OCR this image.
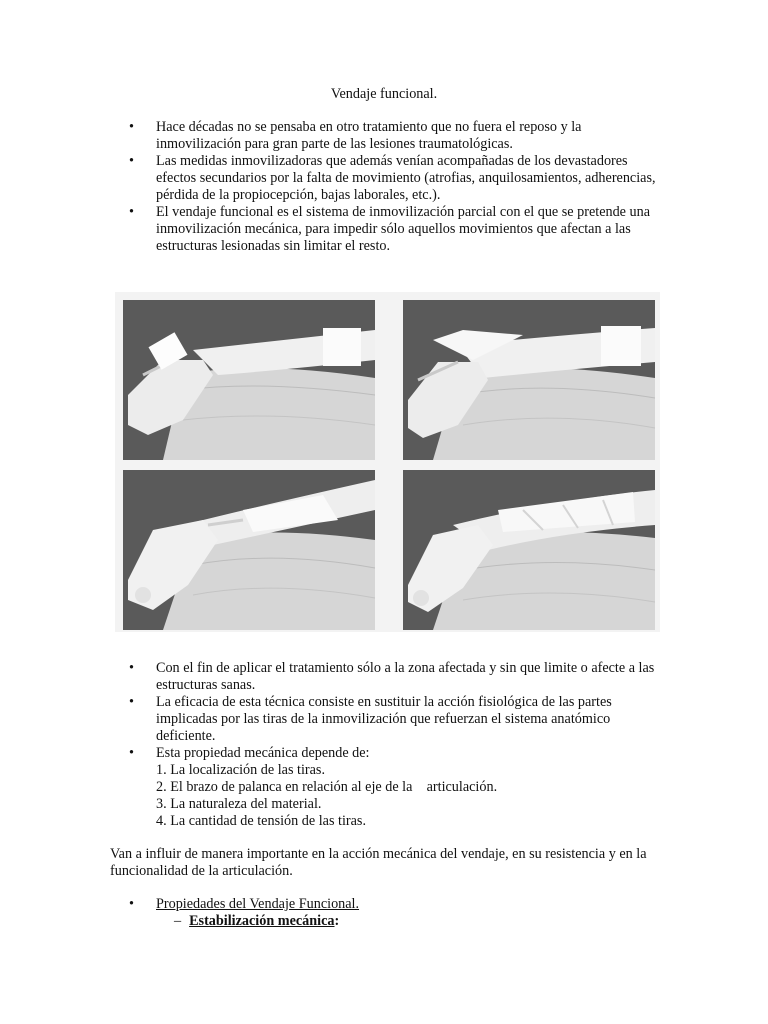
Vendaje funcional.
• Hace décadas no se pensaba en otro tratamiento que no fuera el reposo y la inmovilización para gran parte de las lesiones traumatológicas.
• Las medidas inmovilizadoras que además venían acompañadas de los devastadores efectos secundarios por la falta de movimiento (atrofias, anquilosamientos, adherencias, pérdida de la propiocepción, bajas laborales, etc.).
• El vendaje funcional es el sistema de inmovilización parcial con el que se pretende una inmovilización mecánica, para impedir sólo aquellos movimientos que afectan a las estructuras lesionadas sin limitar el resto.
• Con el fin de aplicar el tratamiento sólo a la zona afectada y sin que limite o afecte a las estructuras sanas.
• La eficacia de esta técnica consiste en sustituir la acción fisiológica de las partes implicadas por las tiras de la inmovilización que refuerzan el sistema anatómico deficiente.
• Esta propiedad mecánica depende de:
1. La localización de las tiras.
2. El brazo de palanca en relación al eje de la    articulación.
3. La naturaleza del material.
4. La cantidad de tensión de las tiras.
Van a influir de manera importante en la acción mecánica del vendaje, en su resistencia y en la funcionalidad de la articulación.
• Propiedades del Vendaje Funcional.
– Estabilización mecánica:
